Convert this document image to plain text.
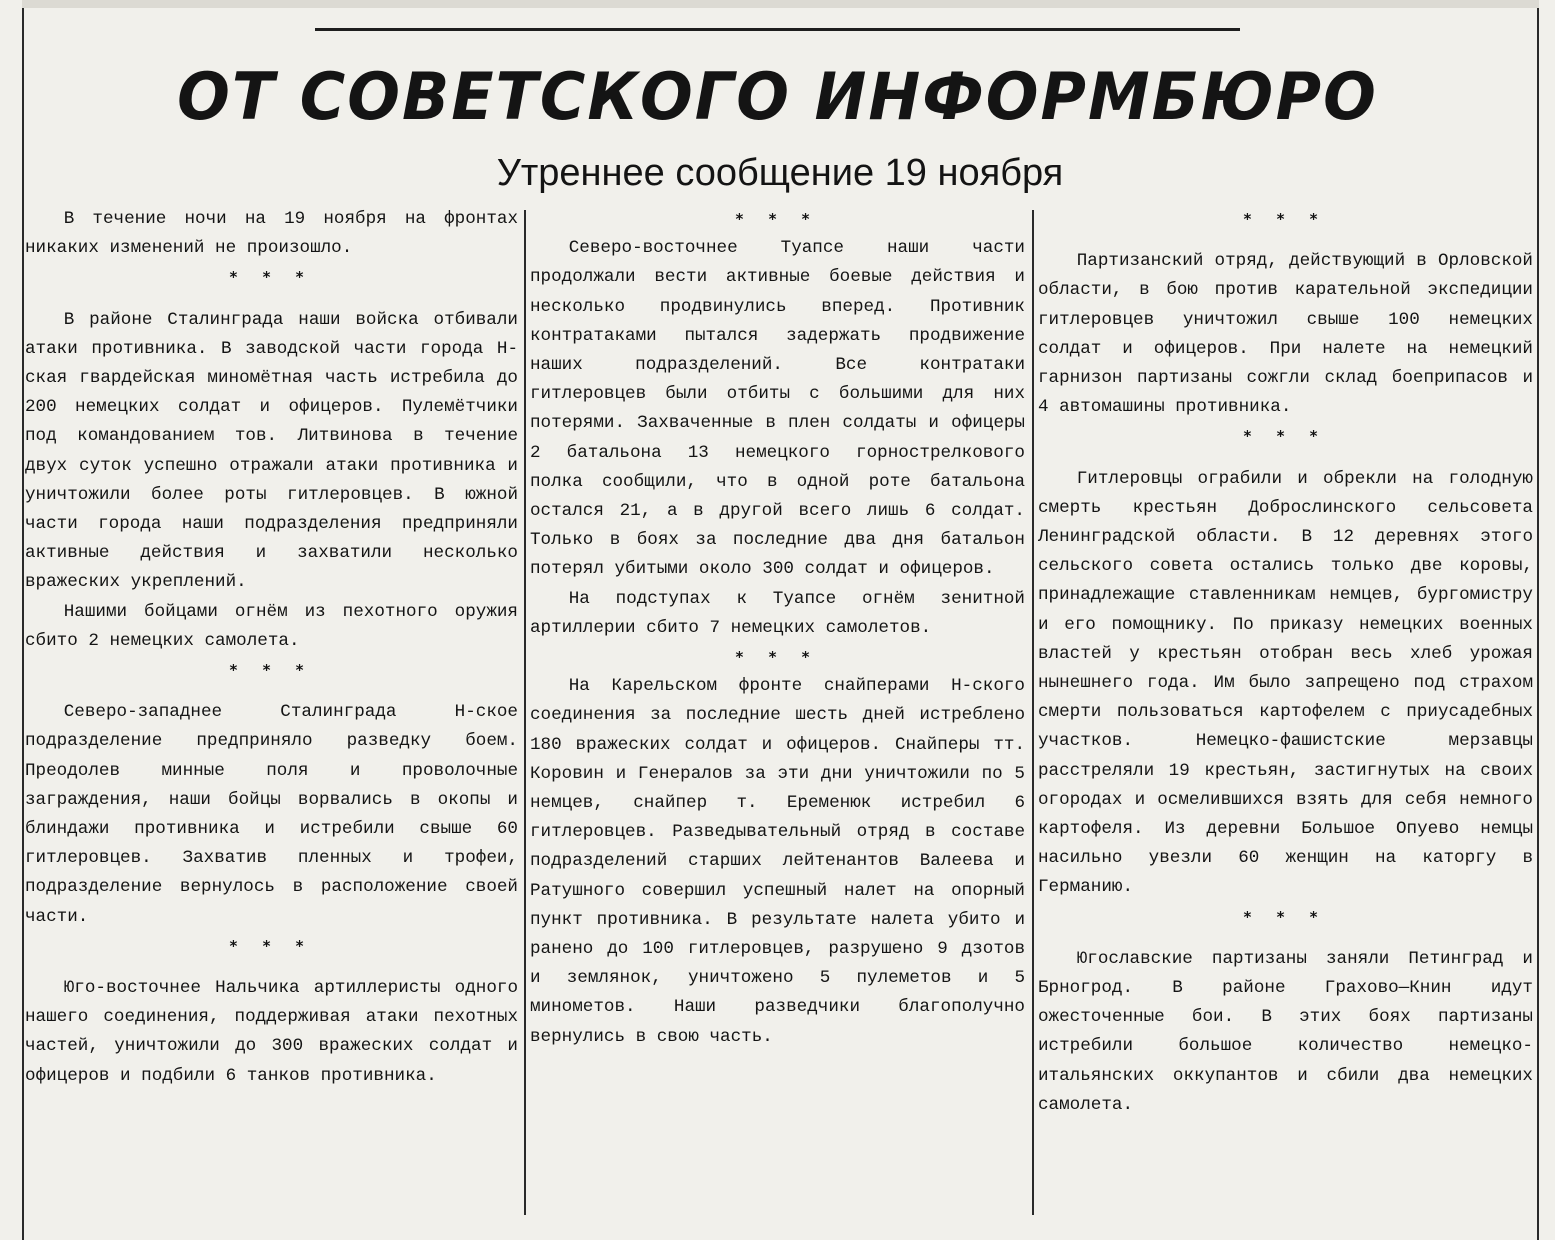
ОТ СОВЕТСКОГО ИНФОРМБЮРО
Утреннее сообщение 19 ноября

В течение ночи на 19 ноября на фронтах никаких изменений не произошло.

* * *

В районе Сталинграда наши войска отбивали атаки противника. В заводской части города Н-ская гвардейская миномётная часть истребила до 200 немецких солдат и офицеров. Пулемётчики под командованием тов. Литвинова в течение двух суток успешно отражали атаки противника и уничтожили более роты гитлеровцев. В южной части города наши подразделения предприняли активные действия и захватили несколько вражеских укреплений.

Нашими бойцами огнём из пехотного оружия сбито 2 немецких самолета.

* * *

Северо-западнее Сталинграда Н-ское подразделение предприняло разведку боем. Преодолев минные поля и проволочные заграждения, наши бойцы ворвались в окопы и блиндажи противника и истребили свыше 60 гитлеровцев. Захватив пленных и трофеи, подразделение вернулось в расположение своей части.

* * *

Юго-восточнее Нальчика артиллеристы одного нашего соединения, поддерживая атаки пехотных частей, уничтожили до 300 вражеских солдат и офицеров и подбили 6 танков противника.

* * *

Северо-восточнее Туапсе наши части продолжали вести активные боевые действия и несколько продвинулись вперед. Противник контратаками пытался задержать продвижение наших подразделений. Все контратаки гитлеровцев были отбиты с большими для них потерями. Захваченные в плен солдаты и офицеры 2 батальона 13 немецкого горнострелкового полка сообщили, что в одной роте батальона остался 21, а в другой всего лишь 6 солдат. Только в боях за последние два дня батальон потерял убитыми около 300 солдат и офицеров.

На подступах к Туапсе огнём зенитной артиллерии сбито 7 немецких самолетов.

* * *

На Карельском фронте снайперами Н-ского соединения за последние шесть дней истреблено 180 вражеских солдат и офицеров. Снайперы тт. Коровин и Генералов за эти дни уничтожили по 5 немцев, снайпер т. Еременюк истребил 6 гитлеровцев. Разведывательный отряд в составе подразделений старших лейтенантов Валеева и Ратушного совершил успешный налет на опорный пункт противника. В результате налета убито и ранено до 100 гитлеровцев, разрушено 9 дзотов и землянок, уничтожено 5 пулеметов и 5 минометов. Наши разведчики благополучно вернулись в свою часть.

* * *

Партизанский отряд, действующий в Орловской области, в бою против карательной экспедиции гитлеровцев уничтожил свыше 100 немецких солдат и офицеров. При налете на немецкий гарнизон партизаны сожгли склад боеприпасов и 4 автомашины противника.

* * *

Гитлеровцы ограбили и обрекли на голодную смерть крестьян Доброслинского сельсовета Ленинградской области. В 12 деревнях этого сельского совета остались только две коровы, принадлежащие ставленникам немцев, бургомистру и его помощнику. По приказу немецких военных властей у крестьян отобран весь хлеб урожая нынешнего года. Им было запрещено под страхом смерти пользоваться картофелем с приусадебных участков. Немецко-фашистские мерзавцы расстреляли 19 крестьян, застигнутых на своих огородах и осмелившихся взять для себя немного картофеля. Из деревни Большое Опуево немцы насильно увезли 60 женщин на каторгу в Германию.

* * *

Югославские партизаны заняли Петинград и Брногрод. В районе Грахово—Книн идут ожесточенные бои. В этих боях партизаны истребили большое количество немецко-итальянских оккупантов и сбили два немецких самолета.
